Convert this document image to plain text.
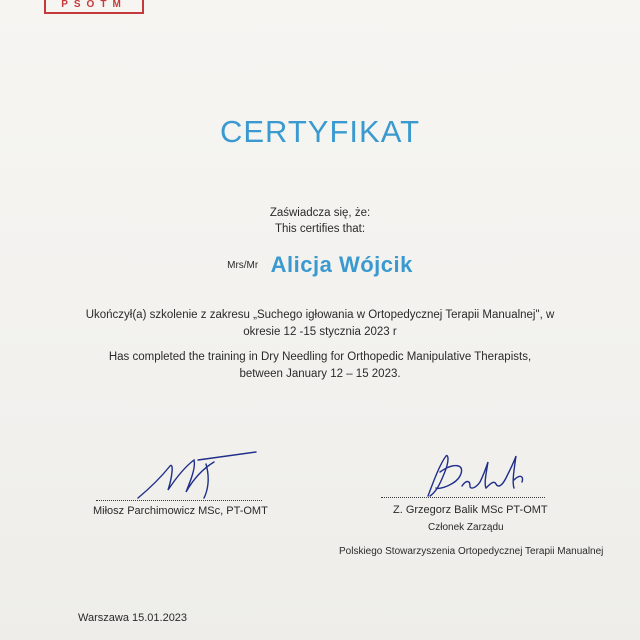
PSOTM
CERTYFIKAT
Zaświadcza się, że:
This certifies that:
Mrs/Mr Alicja Wójcik
Ukończył(a) szkolenie z zakresu „Suchego igłowania w Ortopedycznej Terapii Manualnej", w
okresie 12 -15 stycznia 2023 r
Has completed the training in Dry Needling for Orthopedic Manipulative Therapists,
between January 12 – 15 2023.
Miłosz Parchimowicz MSc, PT-OMT	Z. Grzegorz Balik MSc PT-OMT
Członek Zarządu
Polskiego Stowarzyszenia Ortopedycznej Terapii Manualnej
Warszawa 15.01.2023
